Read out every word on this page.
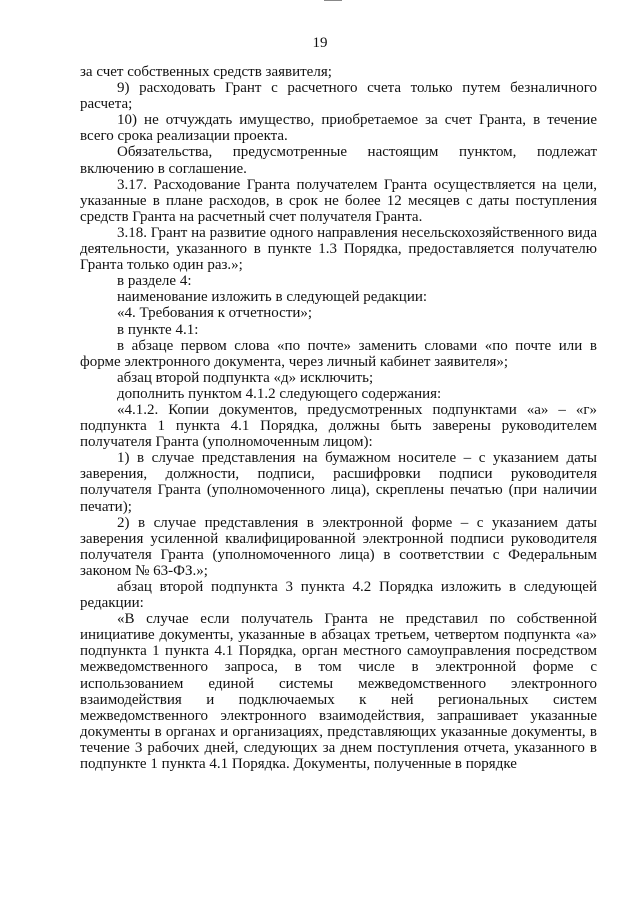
19

за счет собственных средств заявителя;

9) расходовать Грант с расчетного счета только путем безналичного расчета;

10) не отчуждать имущество, приобретаемое за счет Гранта, в течение всего срока реализации проекта.

Обязательства, предусмотренные настоящим пунктом, подлежат включению в соглашение.

3.17. Расходование Гранта получателем Гранта осуществляется на цели, указанные в плане расходов, в срок не более 12 месяцев с даты поступления средств Гранта на расчетный счет получателя Гранта.

3.18. Грант на развитие одного направления несельскохозяйственного вида деятельности, указанного в пункте 1.3 Порядка, предоставляется получателю Гранта только один раз.»;

в разделе 4:

наименование изложить в следующей редакции:

«4. Требования к отчетности»;

в пункте 4.1:

в абзаце первом слова «по почте» заменить словами «по почте или в форме электронного документа, через личный кабинет заявителя»;

абзац второй подпункта «д» исключить;

дополнить пунктом 4.1.2 следующего содержания:

«4.1.2. Копии документов, предусмотренных подпунктами «а» – «г» подпункта 1 пункта 4.1 Порядка, должны быть заверены руководителем получателя Гранта (уполномоченным лицом):

1) в случае представления на бумажном носителе – с указанием даты заверения, должности, подписи, расшифровки подписи руководителя получателя Гранта (уполномоченного лица), скреплены печатью (при наличии печати);

2) в случае представления в электронной форме – с указанием даты заверения усиленной квалифицированной электронной подписи руководителя получателя Гранта (уполномоченного лица) в соответствии с Федеральным законом № 63-ФЗ.»;

абзац второй подпункта 3 пункта 4.2 Порядка изложить в следующей редакции:

«В случае если получатель Гранта не представил по собственной инициативе документы, указанные в абзацах третьем, четвертом подпункта «а» подпункта 1 пункта 4.1 Порядка, орган местного самоуправления посредством межведомственного запроса, в том числе в электронной форме с использованием единой системы межведомственного электронного взаимодействия и подключаемых к ней региональных систем межведомственного электронного взаимодействия, запрашивает указанные документы в органах и организациях, представляющих указанные документы, в течение 3 рабочих дней, следующих за днем поступления отчета, указанного в подпункте 1 пункта 4.1 Порядка. Документы, полученные в порядке
